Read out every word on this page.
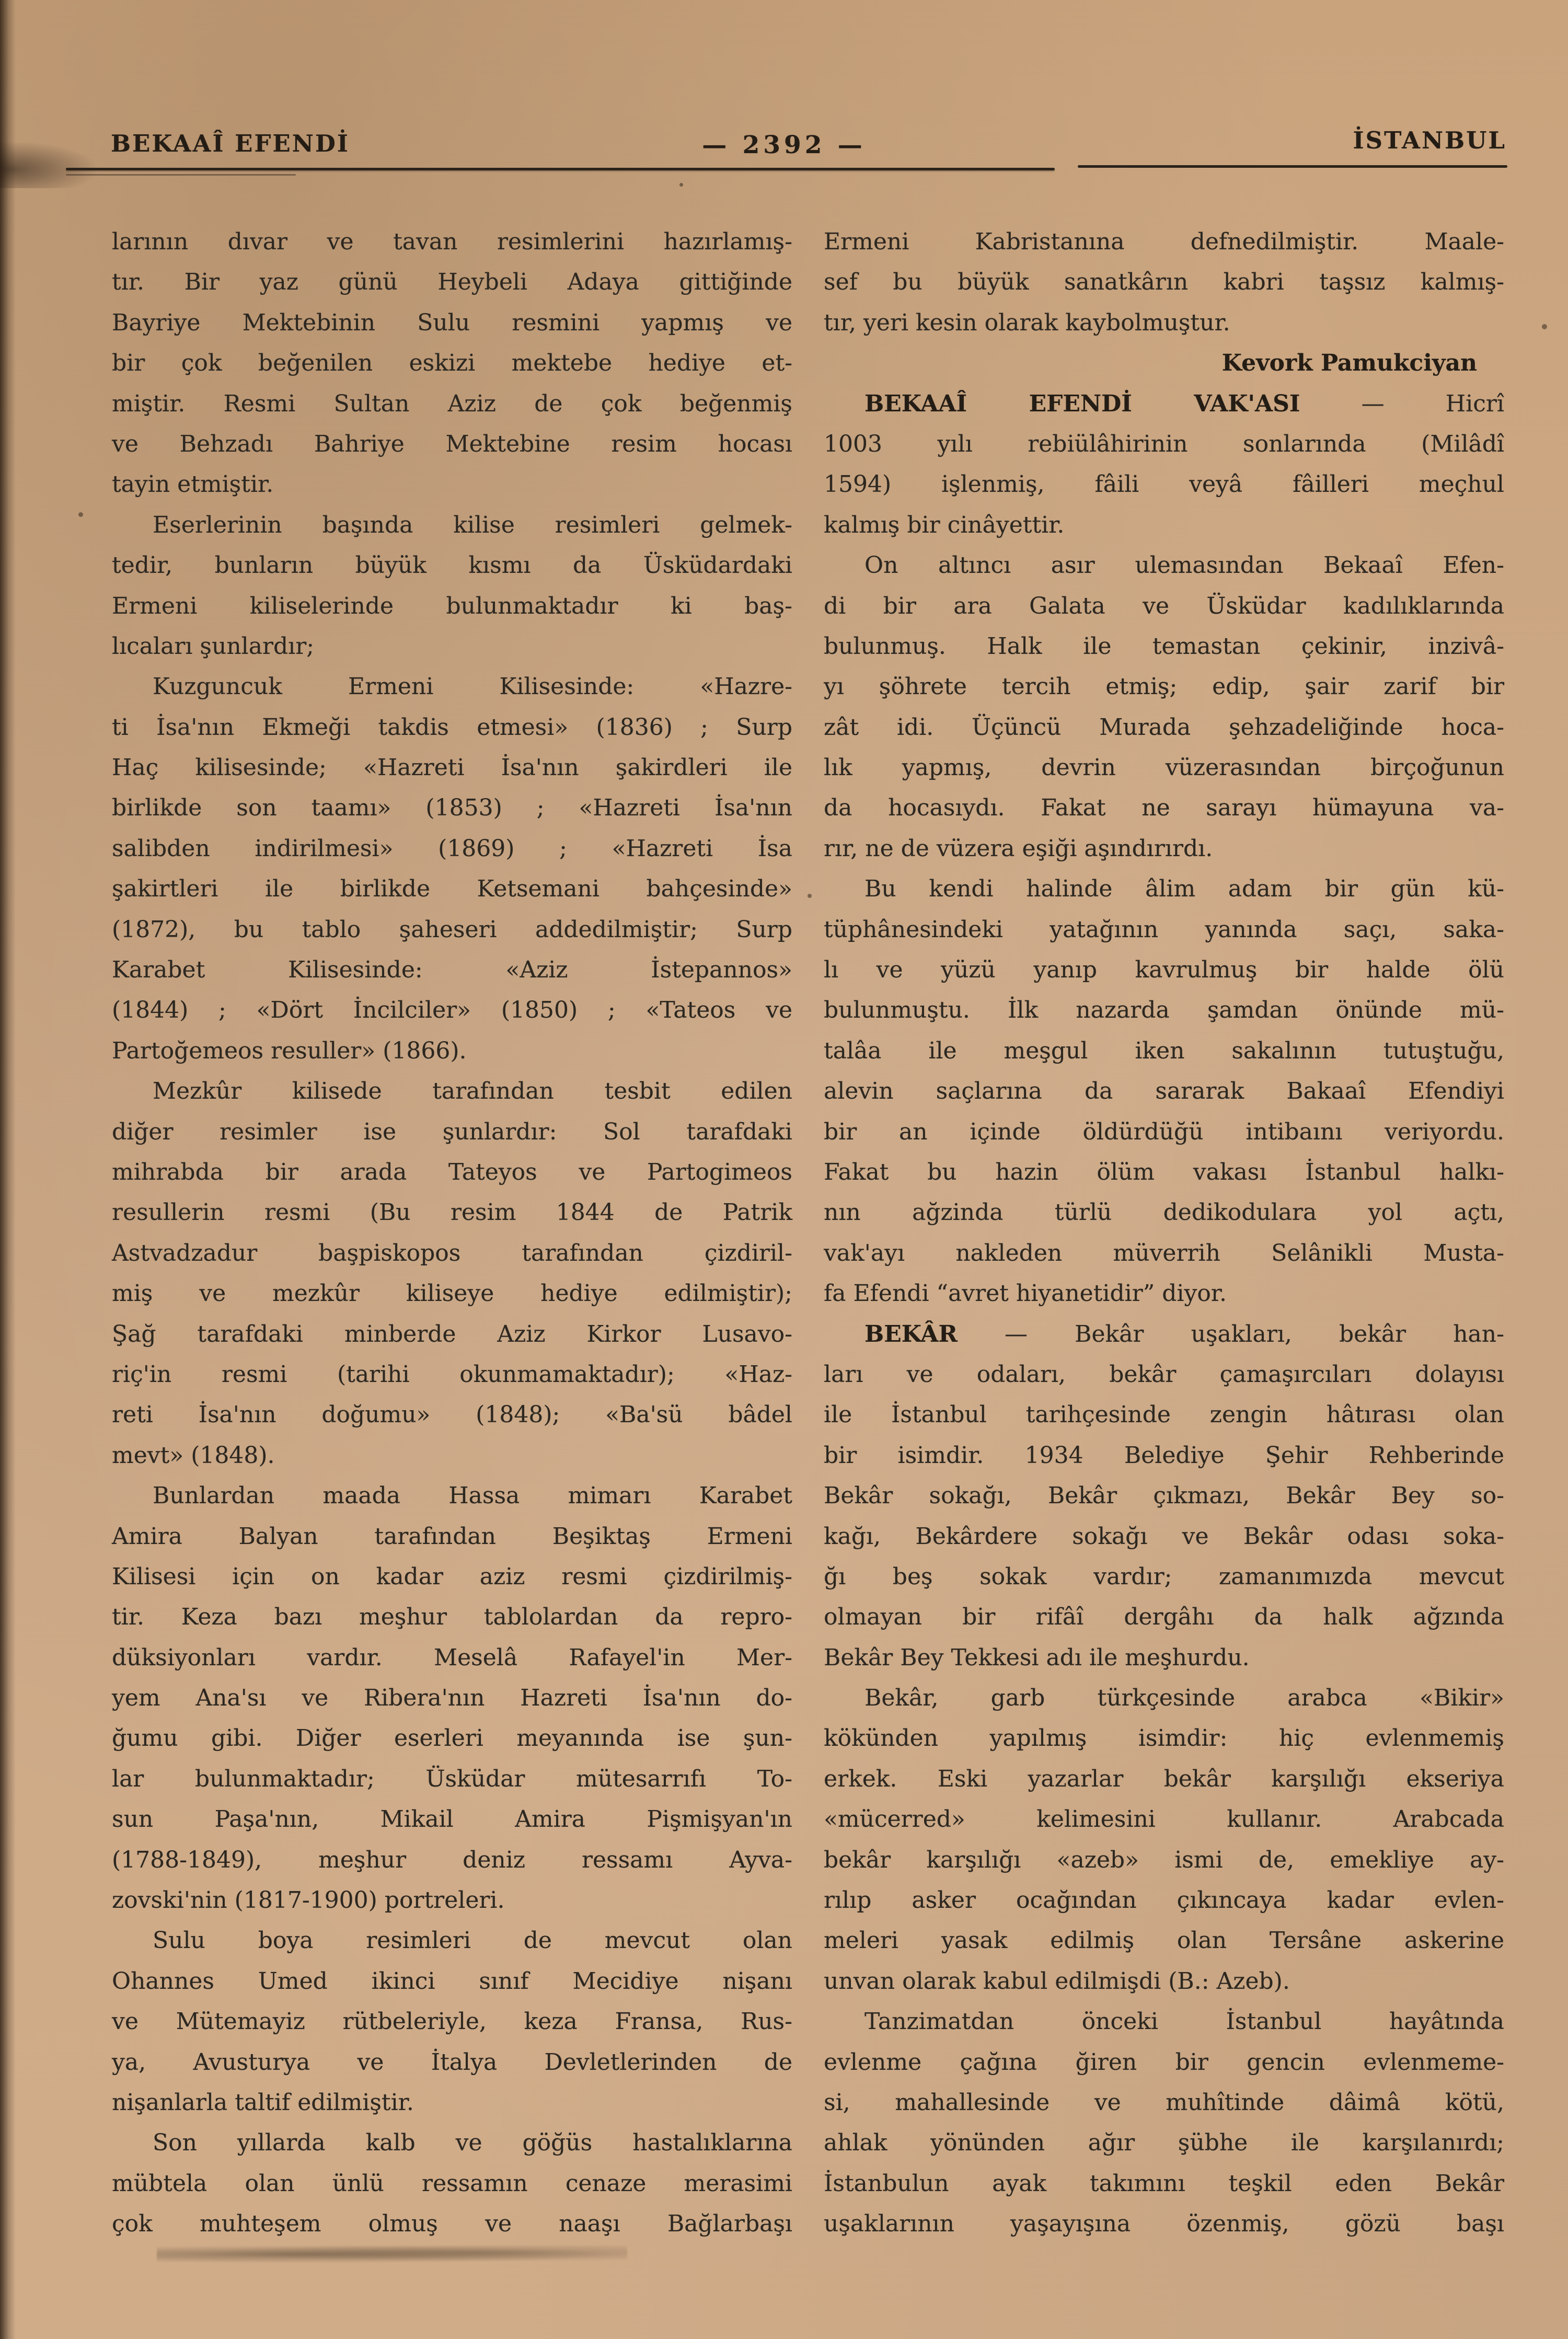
BEKAAÎ EFENDİ	— 2392 —	İSTANBUL
larının dıvar ve tavan resimlerini hazırlamış-
tır. Bir yaz günü Heybeli Adaya gittiğinde
Bayriye Mektebinin Sulu resmini yapmış ve
bir çok beğenilen eskizi mektebe hediye et-
miştir. Resmi Sultan Aziz de çok beğenmiş
ve Behzadı Bahriye Mektebine resim hocası
tayin etmiştir.
Eserlerinin başında kilise resimleri gelmek-
tedir, bunların büyük kısmı da Üsküdardaki
Ermeni kiliselerinde bulunmaktadır ki baş-
lıcaları şunlardır;
Kuzguncuk Ermeni Kilisesinde: «Hazre-
ti İsa'nın Ekmeği takdis etmesi» (1836) ; Surp
Haç kilisesinde; «Hazreti İsa'nın şakirdleri ile
birlikde son taamı» (1853) ; «Hazreti İsa'nın
salibden indirilmesi» (1869) ; «Hazreti İsa
şakirtleri ile birlikde Ketsemani bahçesinde»
(1872), bu tablo şaheseri addedilmiştir; Surp
Karabet Kilisesinde: «Aziz İstepannos»
(1844) ; «Dört İncilciler» (1850) ; «Tateos ve
Partoğemeos resuller» (1866).
Mezkûr kilisede tarafından tesbit edilen
diğer resimler ise şunlardır: Sol tarafdaki
mihrabda bir arada Tateyos ve Partogimeos
resullerin resmi (Bu resim 1844 de Patrik
Astvadzadur başpiskopos tarafından çizdiril-
miş ve mezkûr kiliseye hediye edilmiştir);
Şağ tarafdaki minberde Aziz Kirkor Lusavo-
riç'in resmi (tarihi okunmamaktadır); «Haz-
reti İsa'nın doğumu» (1848); «Ba'sü bâdel
mevt» (1848).
Bunlardan maada Hassa mimarı Karabet
Amira Balyan tarafından Beşiktaş Ermeni
Kilisesi için on kadar aziz resmi çizdirilmiş-
tir. Keza bazı meşhur tablolardan da repro-
düksiyonları vardır. Meselâ Rafayel'in Mer-
yem Ana'sı ve Ribera'nın Hazreti İsa'nın do-
ğumu gibi. Diğer eserleri meyanında ise şun-
lar bulunmaktadır; Üsküdar mütesarrıfı To-
sun Paşa'nın, Mikail Amira Pişmişyan'ın
(1788-1849), meşhur deniz ressamı Ayva-
zovski'nin (1817-1900) portreleri.
Sulu boya resimleri de mevcut olan
Ohannes Umed ikinci sınıf Mecidiye nişanı
ve Mütemayiz rütbeleriyle, keza Fransa, Rus-
ya, Avusturya ve İtalya Devletlerinden de
nişanlarla taltif edilmiştir.
Son yıllarda kalb ve göğüs hastalıklarına
mübtela olan ünlü ressamın cenaze merasimi
çok muhteşem olmuş ve naaşı Bağlarbaşı
Ermeni Kabristanına defnedilmiştir. Maale-
sef bu büyük sanatkârın kabri taşsız kalmış-
tır, yeri kesin olarak kaybolmuştur.
Kevork Pamukciyan
BEKAAÎ EFENDİ VAK'ASI — Hicrî
1003 yılı rebiülâhirinin sonlarında (Milâdî
1594) işlenmiş, fâili veyâ fâilleri meçhul
kalmış bir cinâyettir.
On altıncı asır ulemasından Bekaaî Efen-
di bir ara Galata ve Üsküdar kadılıklarında
bulunmuş. Halk ile temastan çekinir, inzivâ-
yı şöhrete tercih etmiş; edip, şair zarif bir
zât idi. Üçüncü Murada şehzadeliğinde hoca-
lık yapmış, devrin vüzerasından birçoğunun
da hocasıydı. Fakat ne sarayı hümayuna va-
rır, ne de vüzera eşiği aşındırırdı.
Bu kendi halinde âlim adam bir gün kü-
tüphânesindeki yatağının yanında saçı, saka-
lı ve yüzü yanıp kavrulmuş bir halde ölü
bulunmuştu. İlk nazarda şamdan önünde mü-
talâa ile meşgul iken sakalının tutuştuğu,
alevin saçlarına da sararak Bakaaî Efendiyi
bir an içinde öldürdüğü intibaını veriyordu.
Fakat bu hazin ölüm vakası İstanbul halkı-
nın ağzinda türlü dedikodulara yol açtı,
vak'ayı nakleden müverrih Selânikli Musta-
fa Efendi “avret hiyanetidir” diyor.
BEKÂR — Bekâr uşakları, bekâr han-
ları ve odaları, bekâr çamaşırcıları dolayısı
ile İstanbul tarihçesinde zengin hâtırası olan
bir isimdir. 1934 Belediye Şehir Rehberinde
Bekâr sokağı, Bekâr çıkmazı, Bekâr Bey so-
kağı, Bekârdere sokağı ve Bekâr odası soka-
ğı beş sokak vardır; zamanımızda mevcut
olmayan bir rifâî dergâhı da halk ağzında
Bekâr Bey Tekkesi adı ile meşhurdu.
Bekâr, garb türkçesinde arabca «Bikir»
kökünden yapılmış isimdir: hiç evlenmemiş
erkek. Eski yazarlar bekâr karşılığı ekseriya
«mücerred» kelimesini kullanır. Arabcada
bekâr karşılığı «azeb» ismi de, emekliye ay-
rılıp asker ocağından çıkıncaya kadar evlen-
meleri yasak edilmiş olan Tersâne askerine
unvan olarak kabul edilmişdi (B.: Azeb).
Tanzimatdan önceki İstanbul hayâtında
evlenme çağına ğiren bir gencin evlenmeme-
si, mahallesinde ve muhîtinde dâimâ kötü,
ahlak yönünden ağır şübhe ile karşılanırdı;
İstanbulun ayak takımını teşkil eden Bekâr
uşaklarının yaşayışına özenmiş, gözü başı
